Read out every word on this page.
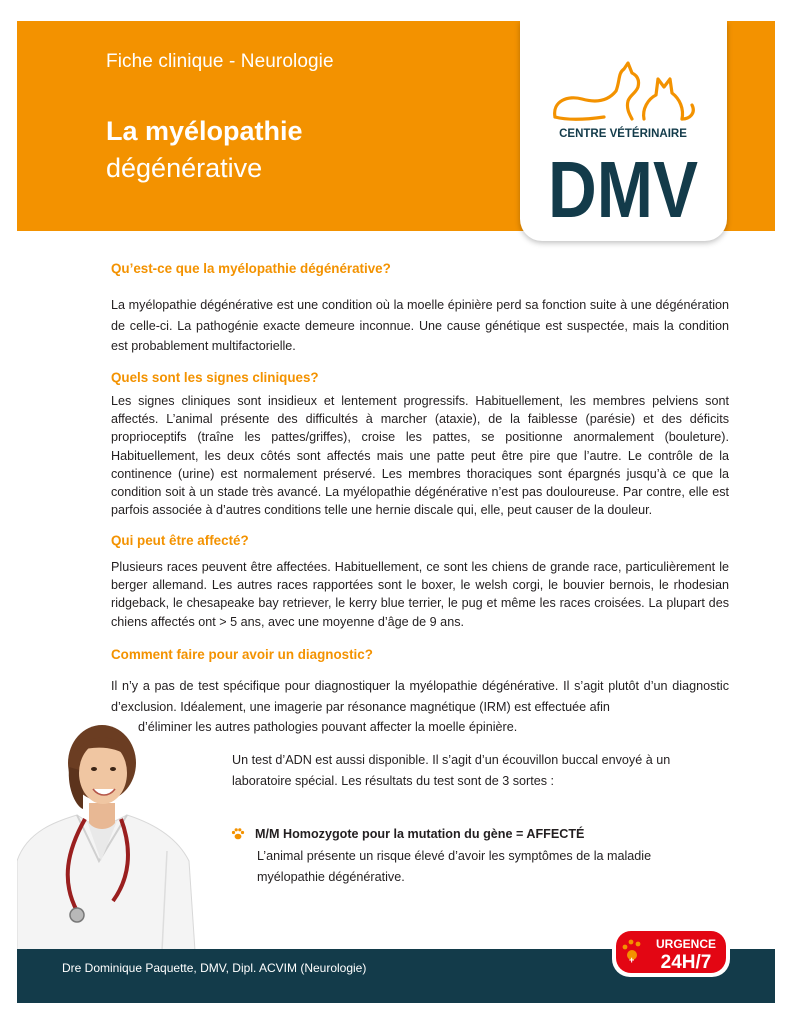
Fiche clinique - Neurologie
La myélopathie
dégénérative
CENTRE VÉTÉRINAIRE
DMV
Qu’est-ce que la myélopathie dégénérative?
La myélopathie dégénérative est une condition où la moelle épinière perd sa fonction suite à une dégénération de celle-ci. La pathogénie exacte demeure inconnue. Une cause génétique est suspectée, mais la condition est probablement multifactorielle.
Quels sont les signes cliniques?
Les signes cliniques sont insidieux et lentement progressifs. Habituellement, les membres pelviens sont affectés. L’animal présente des difficultés à marcher (ataxie), de la faiblesse (parésie) et des déficits proprioceptifs (traîne les pattes/griffes), croise les pattes, se positionne anormalement (bouleture). Habituellement, les deux côtés sont affectés mais une patte peut être pire que l’autre. Le contrôle de la continence (urine) est normalement préservé. Les membres thoraciques sont épargnés jusqu’à ce que la condition soit à un stade très avancé. La myélopathie dégénérative n’est pas douloureuse. Par contre, elle est parfois associée à d’autres conditions telle une hernie discale qui, elle, peut causer de la douleur.
Qui peut être affecté?
Plusieurs races peuvent être affectées. Habituellement, ce sont les chiens de grande race, particulièrement le berger allemand. Les autres races rapportées sont le boxer, le welsh corgi, le bouvier bernois, le rhodesian ridgeback, le chesapeake bay retriever, le kerry blue terrier, le pug et même les races croisées. La plupart des chiens affectés ont > 5 ans, avec une moyenne d’âge de 9 ans.
Comment faire pour avoir un diagnostic?
Il n’y a pas de test spécifique pour diagnostiquer la myélopathie dégénérative. Il s’agit plutôt d’un diagnostic d’exclusion. Idéalement, une imagerie par résonance magnétique (IRM) est effectuée afin
d’éliminer les autres pathologies pouvant affecter la moelle épinière.
Un test d’ADN est aussi disponible. Il s’agit d’un écouvillon buccal envoyé à un laboratoire spécial. Les résultats du test sont de 3 sortes :
M/M Homozygote pour la mutation du gène = AFFECTÉ
L’animal présente un risque élevé d’avoir les symptômes de la maladie myélopathie dégénérative.
Dre Dominique Paquette, DMV, Dipl. ACVIM (Neurologie)
+
URGENCE
24H/7
